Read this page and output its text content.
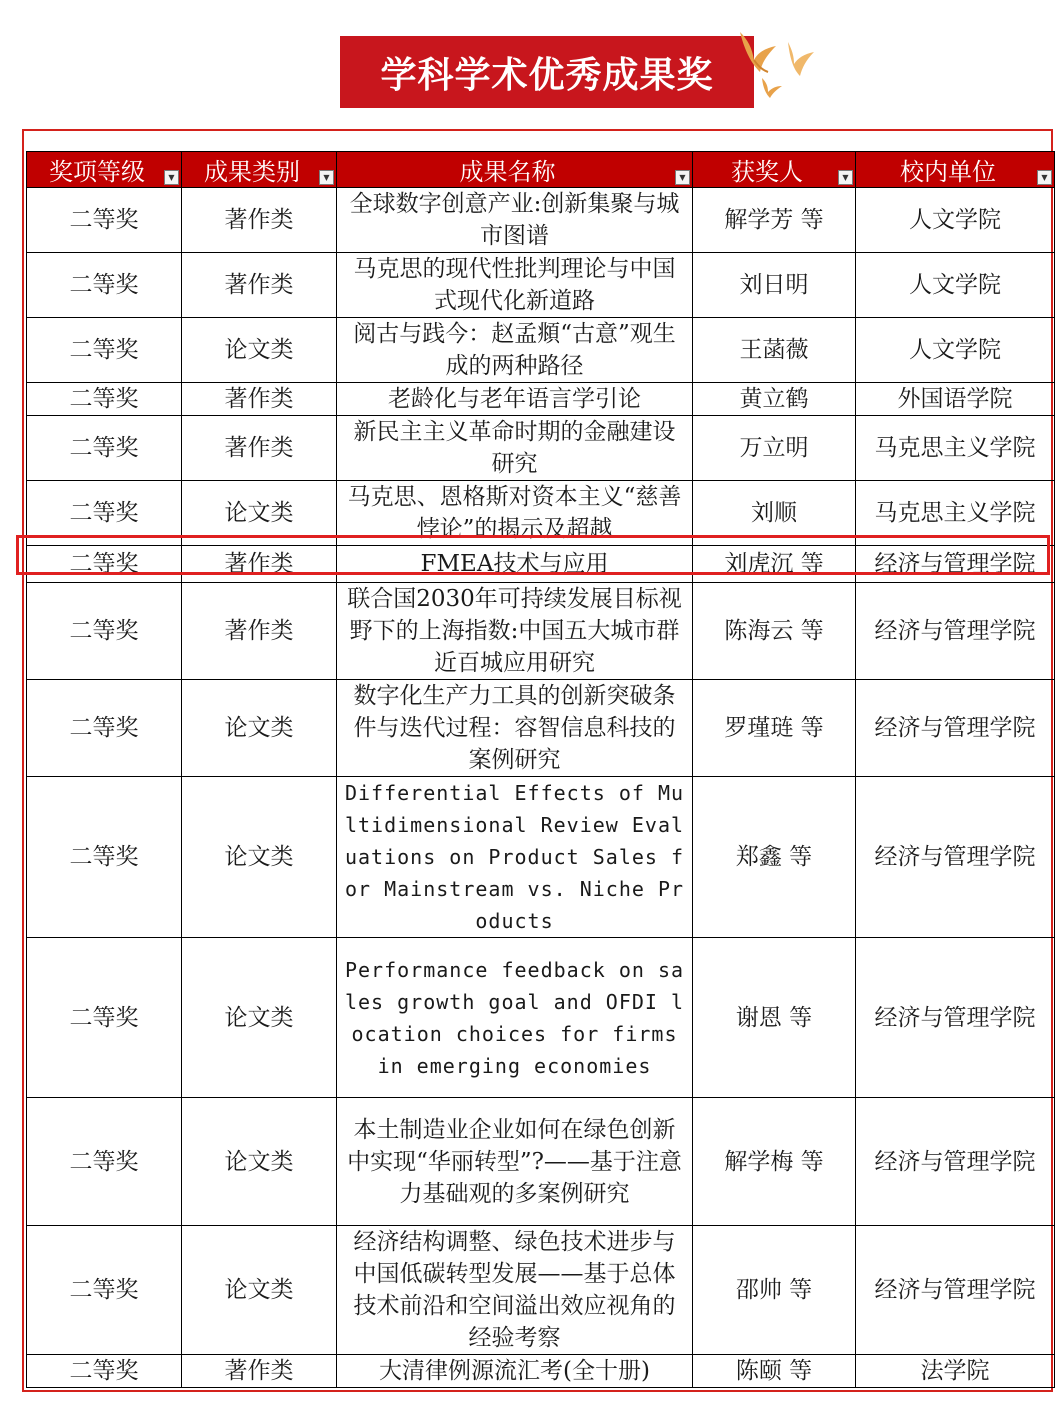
学科学术优秀成果奖
奖项等级 ▼	成果类别 ▼	成果名称 ▼	获奖人 ▼	校内单位 ▼

二等奖	著作类	全球数字创意产业:创新集聚与城市图谱	解学芳 等	人文学院
二等奖	著作类	马克思的现代性批判理论与中国式现代化新道路	刘日明	人文学院
二等奖	论文类	阅古与践今：赵孟頫“古意”观生成的两种路径	王菡薇	人文学院
二等奖	著作类	老龄化与老年语言学引论	黄立鹤	外国语学院
二等奖	著作类	新民主主义革命时期的金融建设研究	万立明	马克思主义学院
二等奖	论文类	马克思、恩格斯对资本主义“慈善悖论”的揭示及超越	刘顺	马克思主义学院
二等奖	著作类	FMEA技术与应用	刘虎沉 等	经济与管理学院
二等奖	著作类	联合国2030年可持续发展目标视野下的上海指数:中国五大城市群近百城应用研究	陈海云 等	经济与管理学院
二等奖	论文类	数字化生产力工具的创新突破条件与迭代过程：容智信息科技的案例研究	罗瑾琏 等	经济与管理学院
二等奖	论文类	Differential Effects of Multidimensional Review Evaluations on Product Sales for Mainstream vs. Niche Products	郑鑫 等	经济与管理学院
二等奖	论文类	Performance feedback on sales growth goal and OFDI location choices for firms in emerging economies	谢恩 等	经济与管理学院
二等奖	论文类	本土制造业企业如何在绿色创新中实现“华丽转型”?——基于注意力基础观的多案例研究	解学梅 等	经济与管理学院
二等奖	论文类	经济结构调整、绿色技术进步与中国低碳转型发展——基于总体技术前沿和空间溢出效应视角的经验考察	邵帅 等	经济与管理学院
二等奖	著作类	大清律例源流汇考(全十册)	陈颐 等	法学院
